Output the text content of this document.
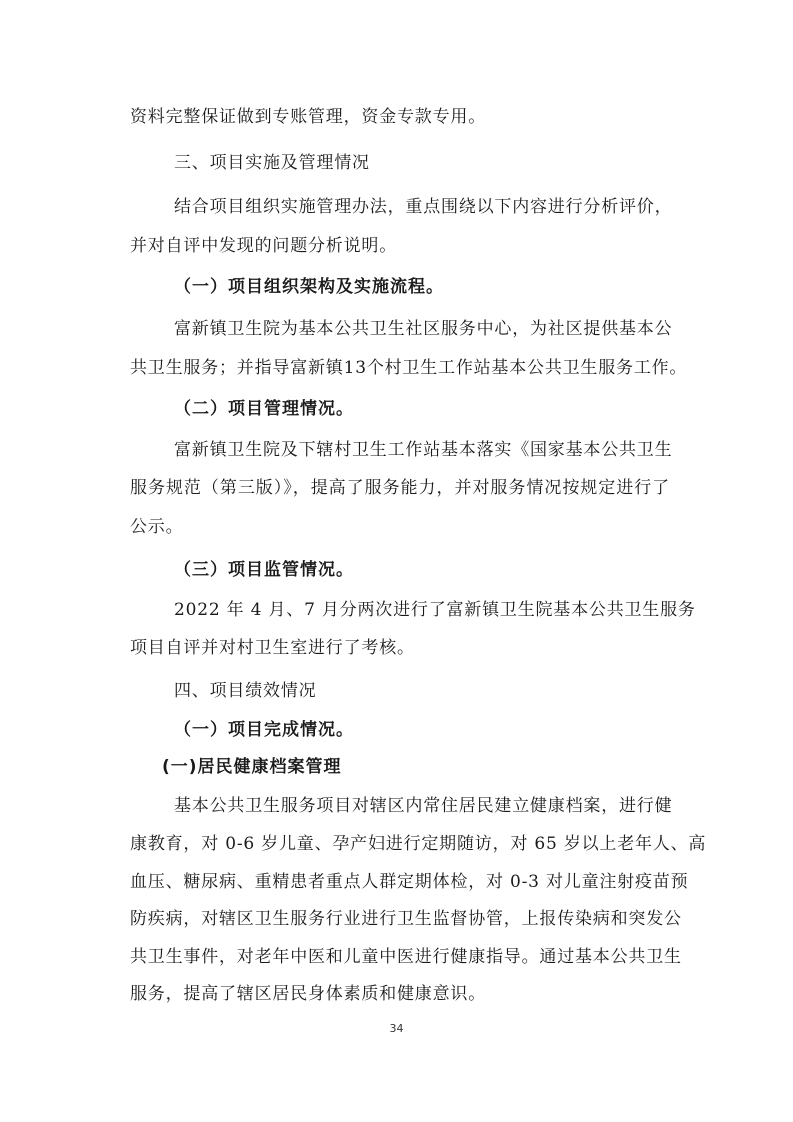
资料完整保证做到专账管理，资金专款专用。
三、项目实施及管理情况
结合项目组织实施管理办法，重点围绕以下内容进行分析评价，
并对自评中发现的问题分析说明。
（一）项目组织架构及实施流程。
富新镇卫生院为基本公共卫生社区服务中心，为社区提供基本公
共卫生服务；并指导富新镇13个村卫生工作站基本公共卫生服务工作。
（二）项目管理情况。
富新镇卫生院及下辖村卫生工作站基本落实《国家基本公共卫生
服务规范（第三版）》，提高了服务能力，并对服务情况按规定进行了
公示。
（三）项目监管情况。
2022 年 4 月、7 月分两次进行了富新镇卫生院基本公共卫生服务
项目自评并对村卫生室进行了考核。
四、项目绩效情况
（一）项目完成情况。
(一)居民健康档案管理
基本公共卫生服务项目对辖区内常住居民建立健康档案，进行健
康教育，对 0-6 岁儿童、孕产妇进行定期随访，对 65 岁以上老年人、高
血压、糖尿病、重精患者重点人群定期体检，对 0-3 对儿童注射疫苗预
防疾病，对辖区卫生服务行业进行卫生监督协管，上报传染病和突发公
共卫生事件，对老年中医和儿童中医进行健康指导。通过基本公共卫生
服务，提高了辖区居民身体素质和健康意识。
34
